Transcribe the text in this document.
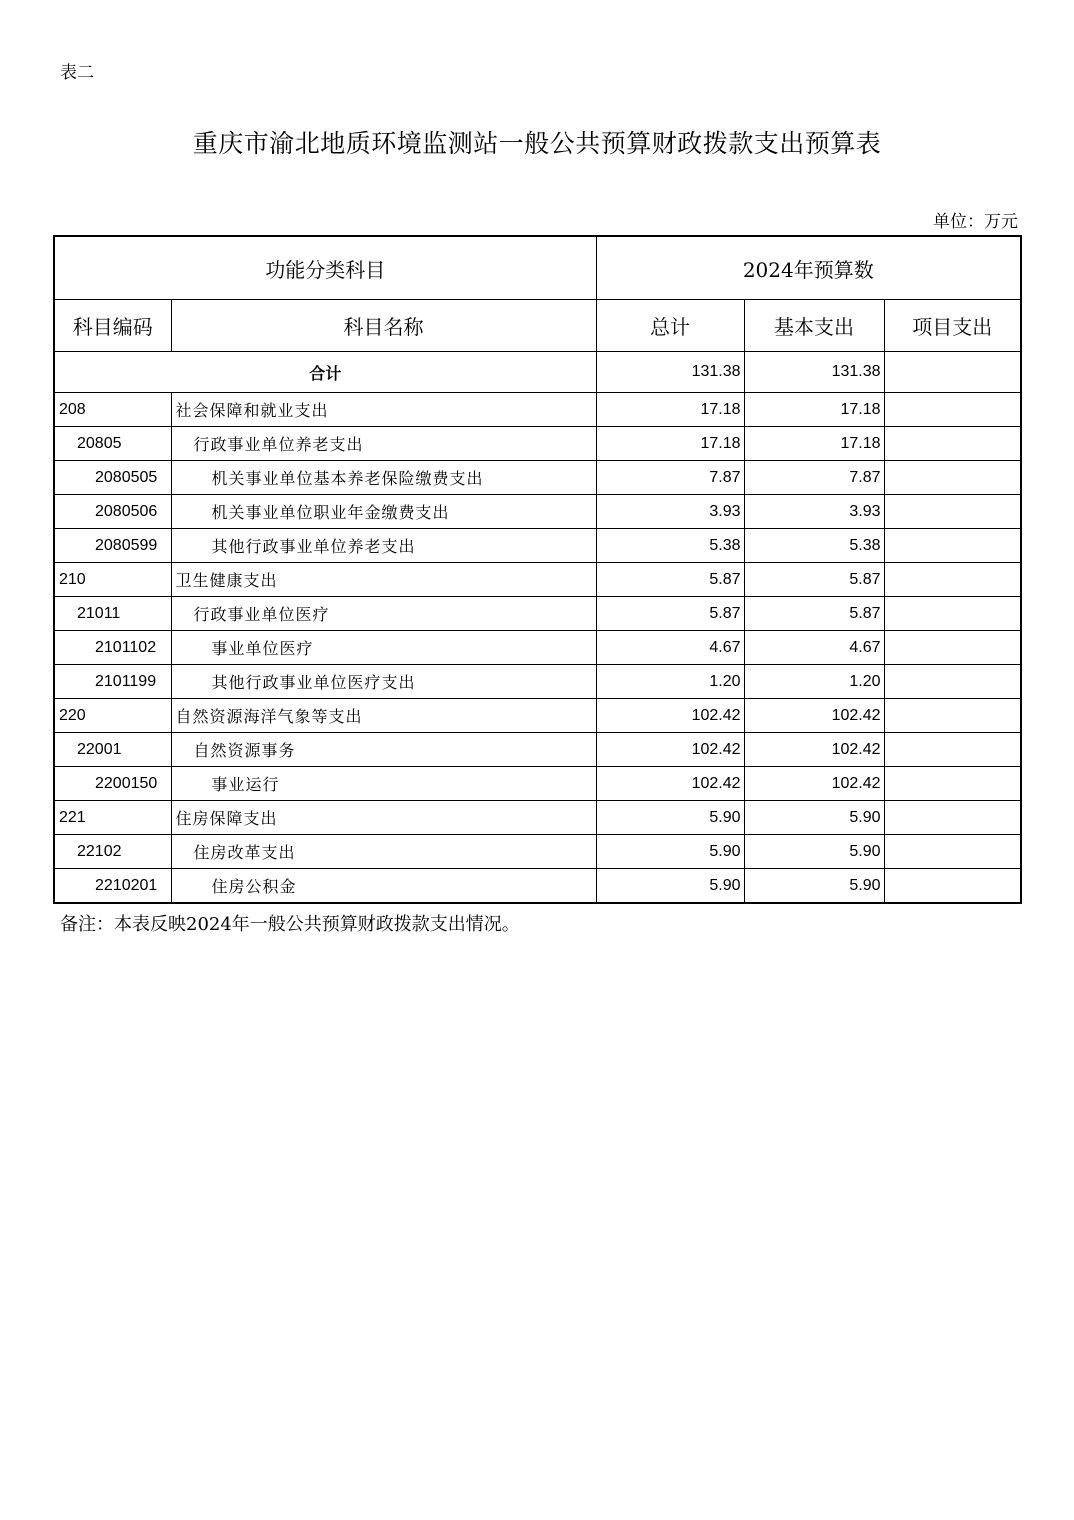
表二
重庆市渝北地质环境监测站一般公共预算财政拨款支出预算表
单位：万元
功能分类科目		2024年预算数		
科目编码	科目名称	总计	基本支出	项目支出
合计		131.38	131.38	
208	社会保障和就业支出	17.18	17.18	
20805	行政事业单位养老支出	17.18	17.18	
2080505	机关事业单位基本养老保险缴费支出	7.87	7.87	
2080506	机关事业单位职业年金缴费支出	3.93	3.93	
2080599	其他行政事业单位养老支出	5.38	5.38	
210	卫生健康支出	5.87	5.87	
21011	行政事业单位医疗	5.87	5.87	
2101102	事业单位医疗	4.67	4.67	
2101199	其他行政事业单位医疗支出	1.20	1.20	
220	自然资源海洋气象等支出	102.42	102.42	
22001	自然资源事务	102.42	102.42	
2200150	事业运行	102.42	102.42	
221	住房保障支出	5.90	5.90	
22102	住房改革支出	5.90	5.90	
2210201	住房公积金	5.90	5.90	
备注：本表反映2024年一般公共预算财政拨款支出情况。
